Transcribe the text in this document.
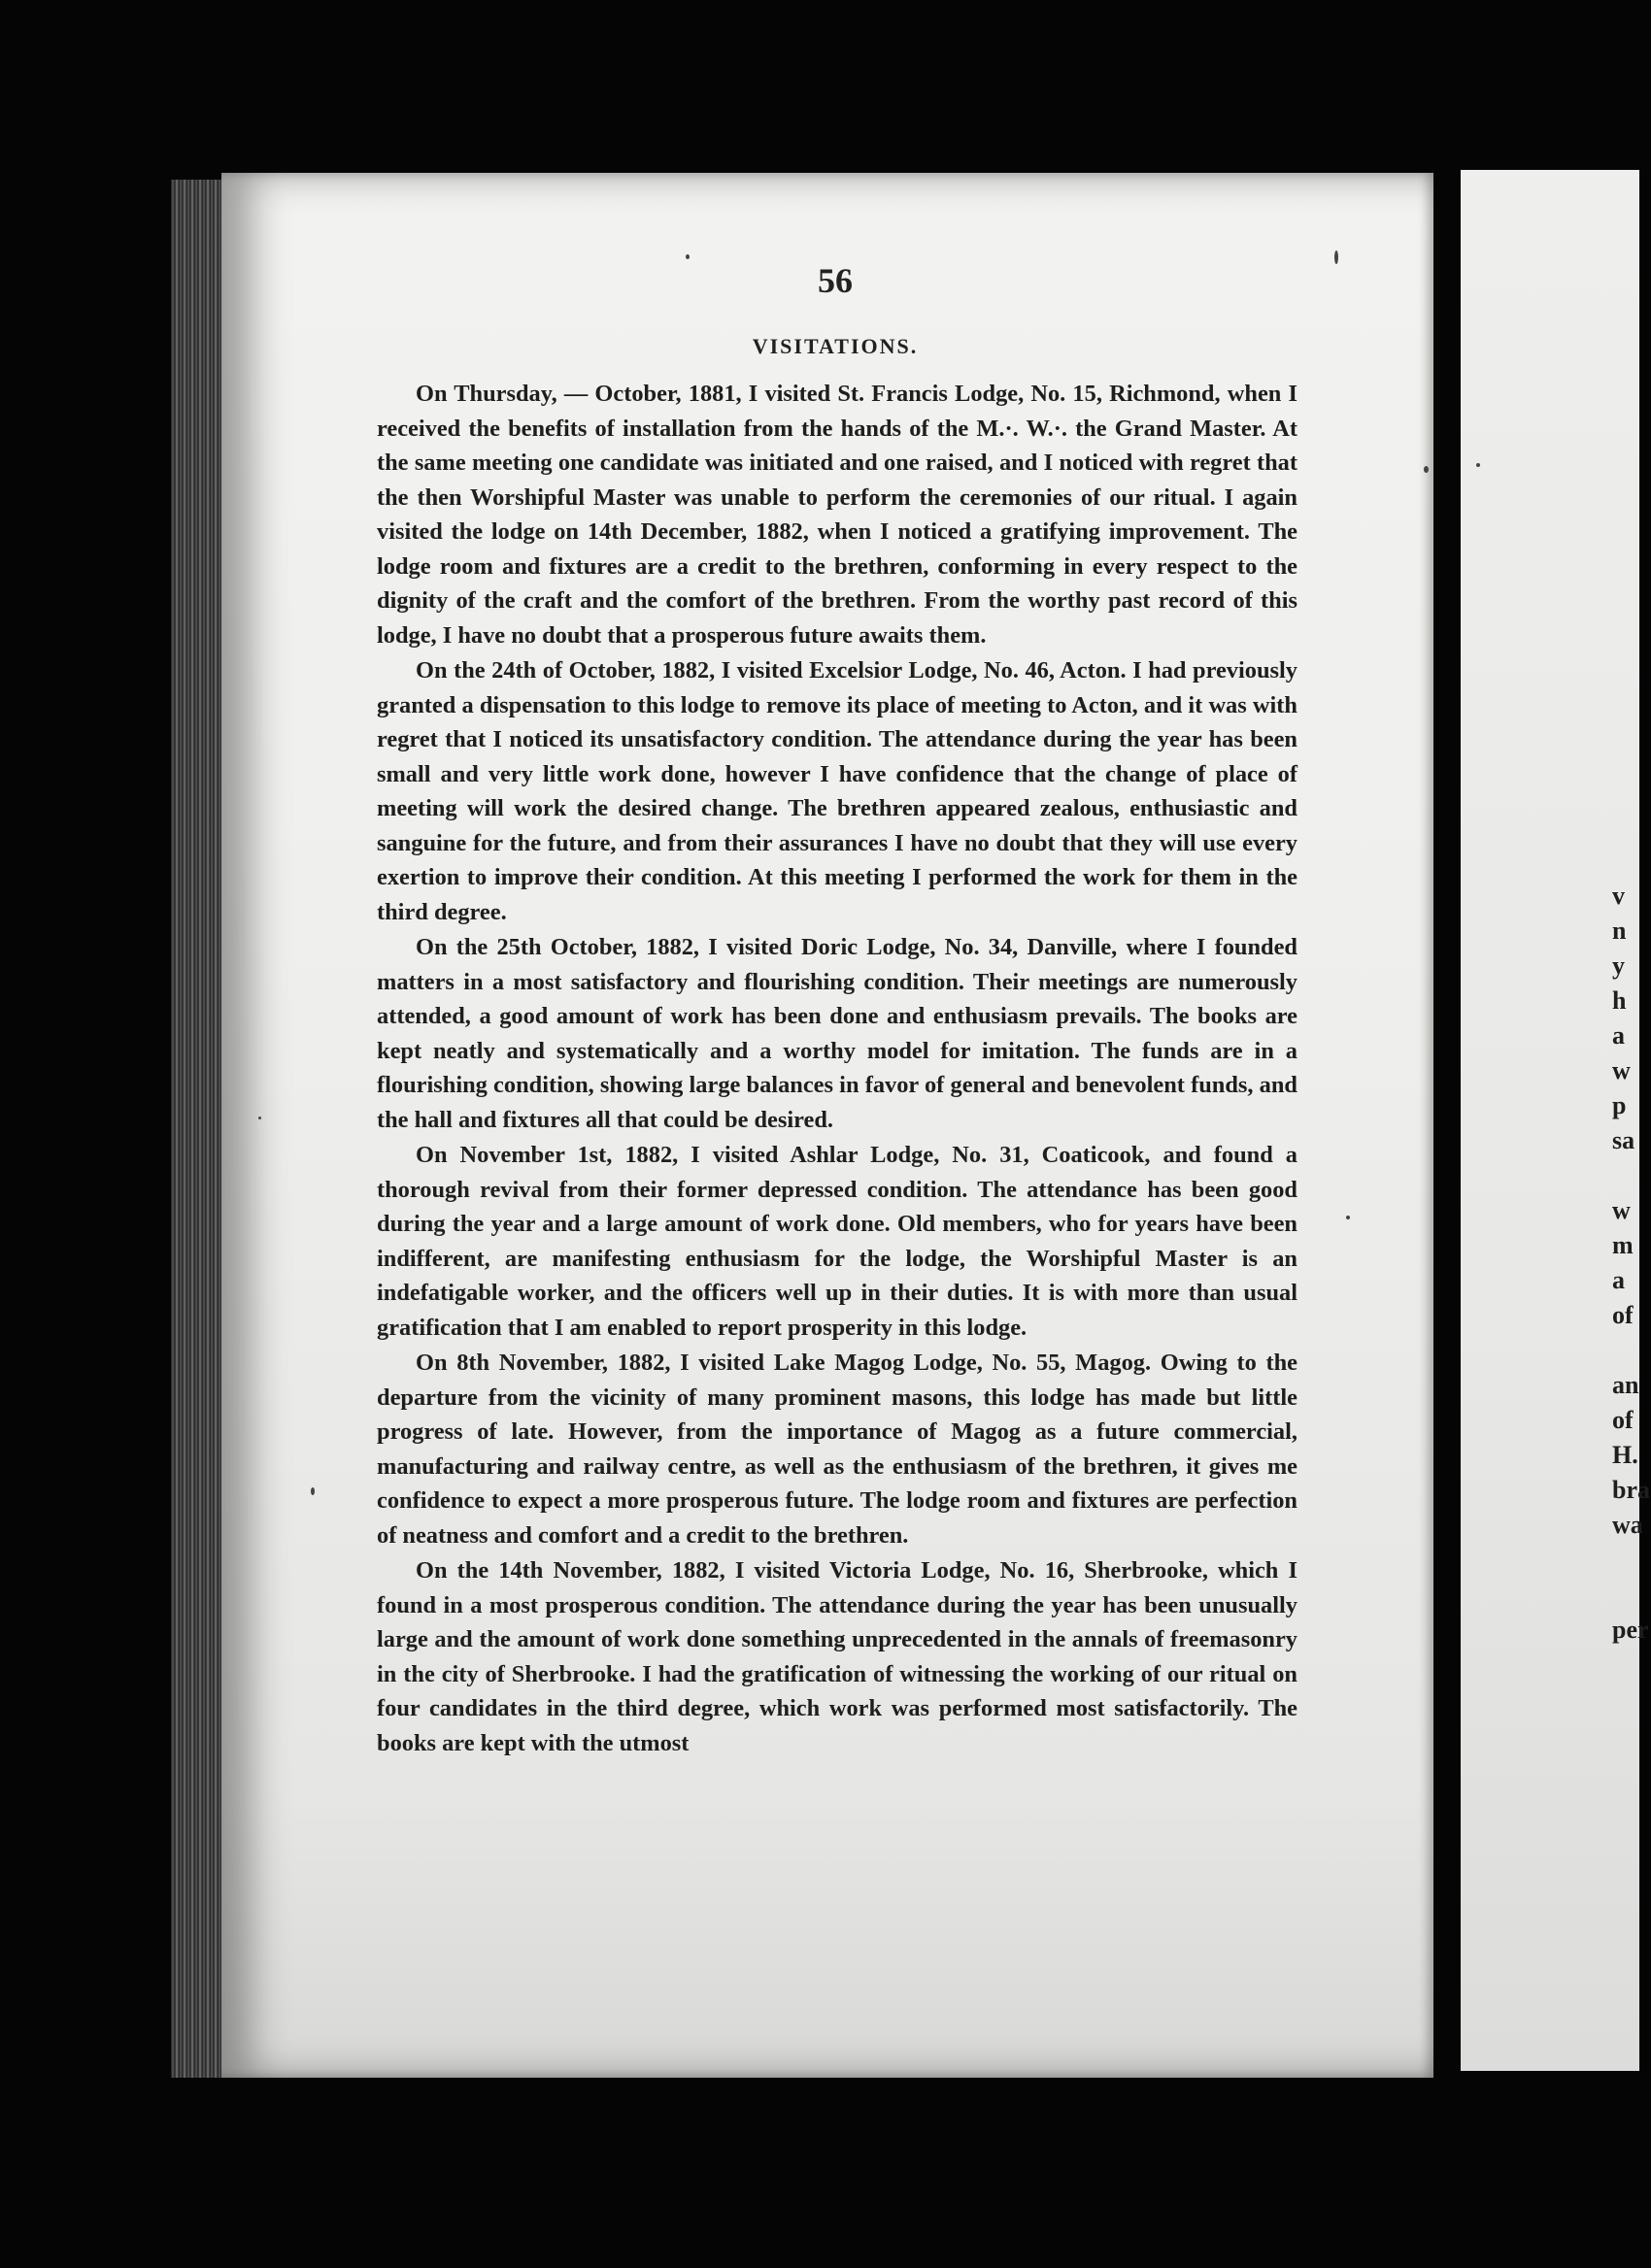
56
VISITATIONS.

On Thursday, — October, 1881, I visited St. Francis Lodge, No. 15, Richmond, when I received the benefits of installation from the hands of the M.·. W.·. the Grand Master. At the same meeting one candidate was initiated and one raised, and I noticed with regret that the then Worshipful Master was unable to perform the ceremonies of our ritual. I again visited the lodge on 14th December, 1882, when I noticed a gratifying improvement. The lodge room and fixtures are a credit to the brethren, conforming in every respect to the dignity of the craft and the comfort of the brethren. From the worthy past record of this lodge, I have no doubt that a prosperous future awaits them.

On the 24th of October, 1882, I visited Excelsior Lodge, No. 46, Acton. I had previously granted a dispensation to this lodge to remove its place of meeting to Acton, and it was with regret that I noticed its unsatisfactory condition. The attendance during the year has been small and very little work done, however I have confidence that the change of place of meeting will work the desired change. The brethren appeared zealous, enthusiastic and sanguine for the future, and from their assurances I have no doubt that they will use every exertion to improve their condition. At this meeting I performed the work for them in the third degree.

On the 25th October, 1882, I visited Doric Lodge, No. 34, Danville, where I founded matters in a most satisfactory and flourishing condition. Their meetings are numerously attended, a good amount of work has been done and enthusiasm prevails. The books are kept neatly and systematically and a worthy model for imitation. The funds are in a flourishing condition, showing large balances in favor of general and benevolent funds, and the hall and fixtures all that could be desired.

On November 1st, 1882, I visited Ashlar Lodge, No. 31, Coaticook, and found a thorough revival from their former depressed condition. The attendance has been good during the year and a large amount of work done. Old members, who for years have been indifferent, are manifesting enthusiasm for the lodge, the Worshipful Master is an indefatigable worker, and the officers well up in their duties. It is with more than usual gratification that I am enabled to report prosperity in this lodge.

On 8th November, 1882, I visited Lake Magog Lodge, No. 55, Magog. Owing to the departure from the vicinity of many prominent masons, this lodge has made but little progress of late. However, from the importance of Magog as a future commercial, manufacturing and railway centre, as well as the enthusiasm of the brethren, it gives me confidence to expect a more prosperous future. The lodge room and fixtures are perfection of neatness and comfort and a credit to the brethren.

On the 14th November, 1882, I visited Victoria Lodge, No. 16, Sherbrooke, which I found in a most prosperous condition. The attendance during the year has been unusually large and the amount of work done something unprecedented in the annals of freemasonry in the city of Sherbrooke. I had the gratification of witnessing the working of our ritual on four candidates in the third degree, which work was performed most satisfactorily. The books are kept with the utmost

v
n
y
h
a
w
p
sa
w
m
a
of
an
of
H.
bra
wa
per
